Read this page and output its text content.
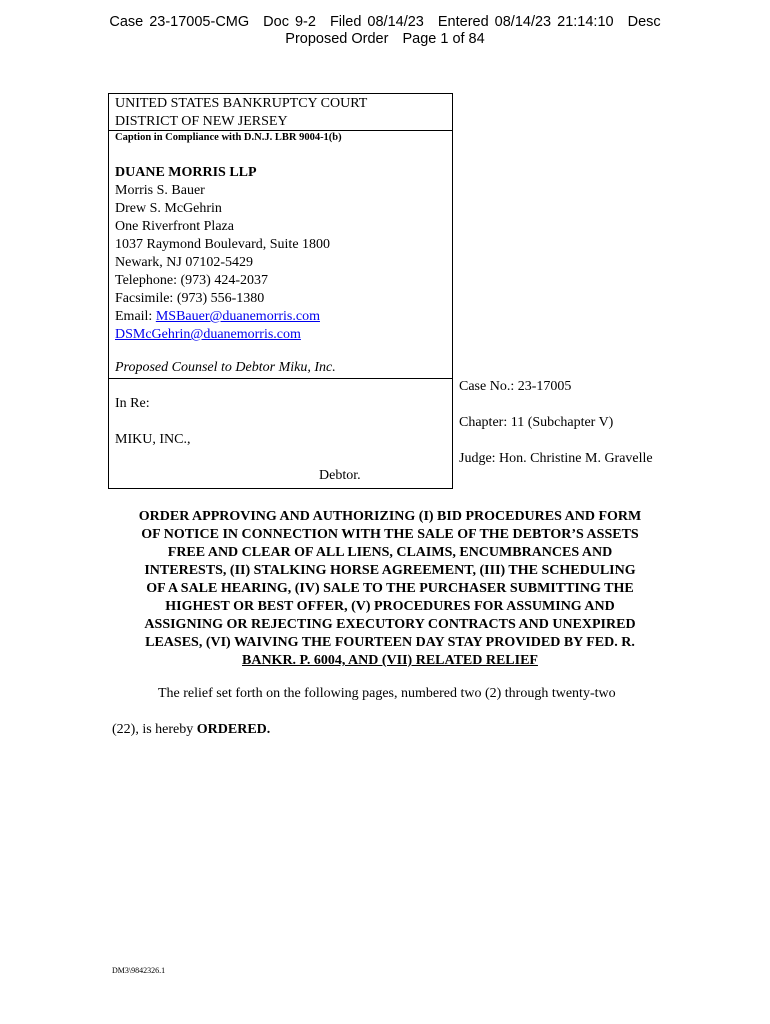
Case 23-17005-CMG Doc 9-2 Filed 08/14/23 Entered 08/14/23 21:14:10 Desc
Proposed Order Page 1 of 84
UNITED STATES BANKRUPTCY COURT
DISTRICT OF NEW JERSEY
Caption in Compliance with D.N.J. LBR 9004-1(b)
DUANE MORRIS LLP
Morris S. Bauer
Drew S. McGehrin
One Riverfront Plaza
1037 Raymond Boulevard, Suite 1800
Newark, NJ 07102-5429
Telephone: (973) 424-2037
Facsimile: (973) 556-1380
Email: MSBauer@duanemorris.com
DSMcGehrin@duanemorris.com
Proposed Counsel to Debtor Miku, Inc.
In Re:
MIKU, INC.,
Debtor.
Case No.: 23-17005
Chapter: 11 (Subchapter V)
Judge: Hon. Christine M. Gravelle
ORDER APPROVING AND AUTHORIZING (I) BID PROCEDURES AND FORM
OF NOTICE IN CONNECTION WITH THE SALE OF THE DEBTOR’S ASSETS
FREE AND CLEAR OF ALL LIENS, CLAIMS, ENCUMBRANCES AND
INTERESTS, (II) STALKING HORSE AGREEMENT, (III) THE SCHEDULING
OF A SALE HEARING, (IV) SALE TO THE PURCHASER SUBMITTING THE
HIGHEST OR BEST OFFER, (V) PROCEDURES FOR ASSUMING AND
ASSIGNING OR REJECTING EXECUTORY CONTRACTS AND UNEXPIRED
LEASES, (VI) WAIVING THE FOURTEEN DAY STAY PROVIDED BY FED. R.
BANKR. P. 6004, AND (VII) RELATED RELIEF
The relief set forth on the following pages, numbered two (2) through twenty-two
(22), is hereby ORDERED.
DM3\9842326.1
